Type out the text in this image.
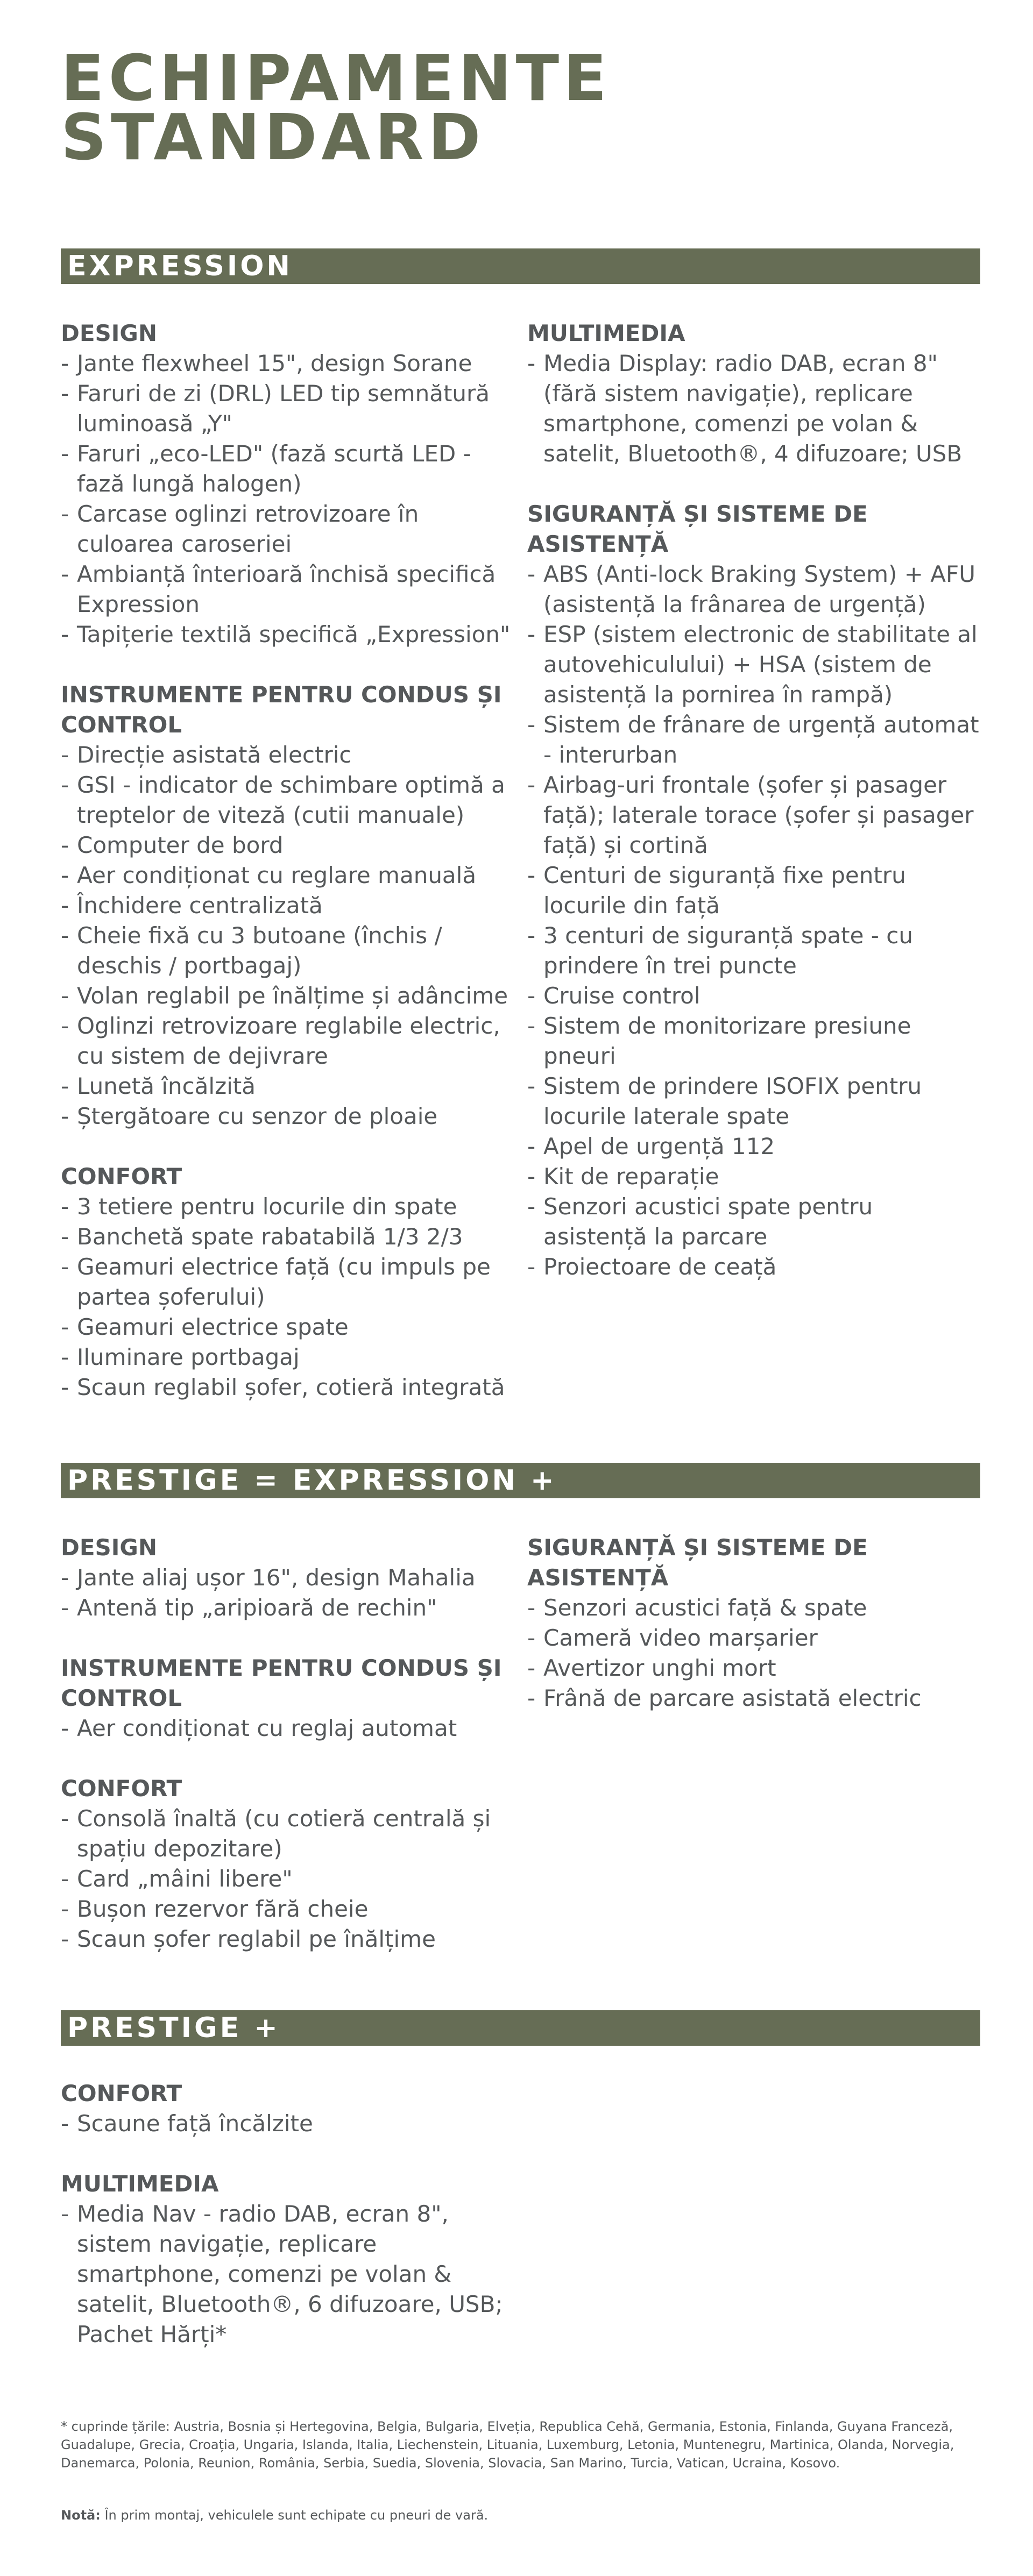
ECHIPAMENTE
STANDARD
EXPRESSION
DESIGN
- Jante flexwheel 15", design Sorane
- Faruri de zi (DRL) LED tip semnătură luminoasă „Y"
- Faruri „eco-LED" (fază scurtă LED - fază lungă halogen)
- Carcase oglinzi retrovizoare în culoarea caroseriei
- Ambianță înterioară închisă specifică Expression
- Tapițerie textilă specifică „Expression"
INSTRUMENTE PENTRU CONDUS ȘI CONTROL
- Direcție asistată electric
- GSI - indicator de schimbare optimă a treptelor de viteză (cutii manuale)
- Computer de bord
- Aer condiționat cu reglare manuală
- Închidere centralizată
- Cheie fixă cu 3 butoane (închis / deschis / portbagaj)
- Volan reglabil pe înălțime și adâncime
- Oglinzi retrovizoare reglabile electric, cu sistem de dejivrare
- Lunetă încălzită
- Ștergătoare cu senzor de ploaie
CONFORT
- 3 tetiere pentru locurile din spate
- Banchetă spate rabatabilă 1/3 2/3
- Geamuri electrice față (cu impuls pe partea șoferului)
- Geamuri electrice spate
- Iluminare portbagaj
- Scaun reglabil șofer, cotieră integrată
MULTIMEDIA
- Media Display: radio DAB, ecran 8" (fără sistem navigație), replicare smartphone, comenzi pe volan & satelit, Bluetooth®, 4 difuzoare; USB
SIGURANȚĂ ȘI SISTEME DE ASISTENȚĂ
- ABS (Anti-lock Braking System) + AFU (asistență la frânarea de urgență)
- ESP (sistem electronic de stabilitate al autovehiculului) + HSA (sistem de asistență la pornirea în rampă)
- Sistem de frânare de urgență automat - interurban
- Airbag-uri frontale (șofer și pasager față); laterale torace (șofer și pasager față) și cortină
- Centuri de siguranță fixe pentru locurile din față
- 3 centuri de siguranță spate - cu prindere în trei puncte
- Cruise control
- Sistem de monitorizare presiune pneuri
- Sistem de prindere ISOFIX pentru locurile laterale spate
- Apel de urgență 112
- Kit de reparație
- Senzori acustici spate pentru asistență la parcare
- Proiectoare de ceață
PRESTIGE = EXPRESSION +
DESIGN
- Jante aliaj ușor 16", design Mahalia
- Antenă tip „aripioară de rechin"
INSTRUMENTE PENTRU CONDUS ȘI CONTROL
- Aer condiționat cu reglaj automat
CONFORT
- Consolă înaltă (cu cotieră centrală și spațiu depozitare)
- Card „mâini libere"
- Bușon rezervor fără cheie
- Scaun șofer reglabil pe înălțime
SIGURANȚĂ ȘI SISTEME DE ASISTENȚĂ
- Senzori acustici față & spate
- Cameră video marșarier
- Avertizor unghi mort
- Frână de parcare asistată electric
PRESTIGE +
CONFORT
- Scaune față încălzite
MULTIMEDIA
- Media Nav - radio DAB, ecran 8", sistem navigație, replicare smartphone, comenzi pe volan & satelit, Bluetooth®, 6 difuzoare, USB; Pachet Hărți*

* cuprinde țările: Austria, Bosnia și Hertegovina, Belgia, Bulgaria, Elveția, Republica Cehă, Germania, Estonia, Finlanda, Guyana Franceză, Guadalupe, Grecia, Croația, Ungaria, Islanda, Italia, Liechenstein, Lituania, Luxemburg, Letonia, Muntenegru, Martinica, Olanda, Norvegia, Danemarca, Polonia, Reunion, România, Serbia, Suedia, Slovenia, Slovacia, San Marino, Turcia, Vatican, Ucraina, Kosovo.

Notă: În prim montaj, vehiculele sunt echipate cu pneuri de vară.
